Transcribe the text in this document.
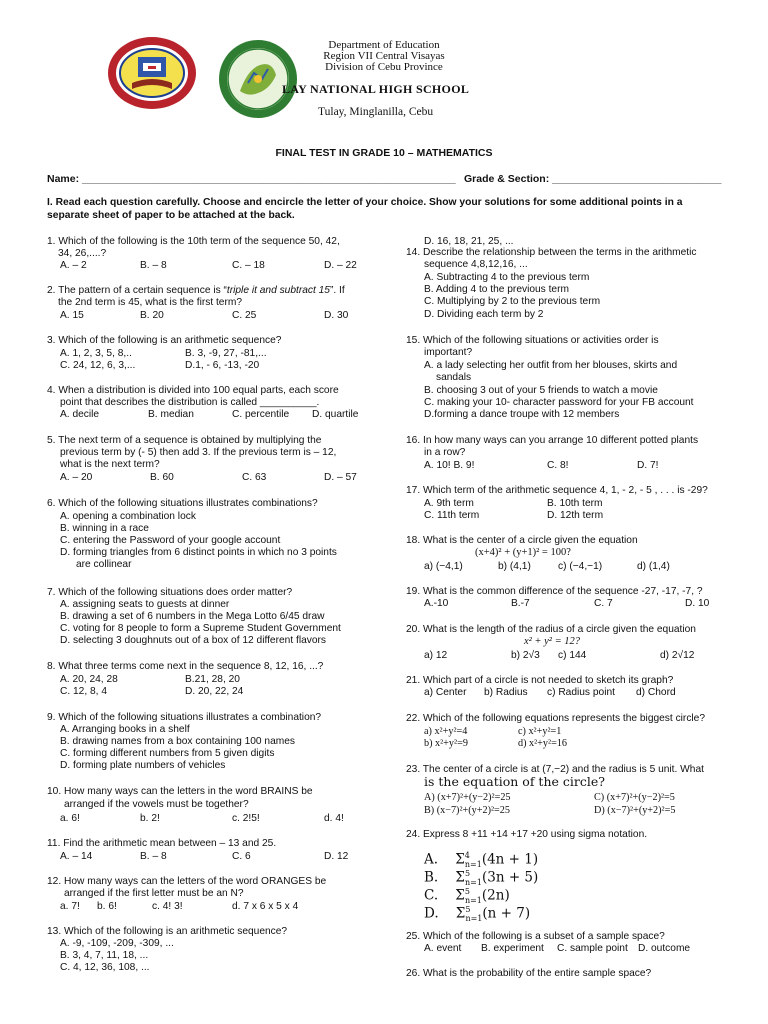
Department of Education
Region VII Central Visayas
Division of Cebu Province
LAY NATIONAL HIGH SCHOOL
Tulay, Minglanilla, Cebu
FINAL TEST IN GRADE 10 – MATHEMATICS
Name: ________________________________________________________________ Grade & Section: _____________________________
I. Read each question carefully. Choose and encircle the letter of your choice. Show your solutions for some additional points in a separate sheet of paper to be attached at the back.
1. Which of the following is the 10th term of the sequence 50, 42,
34, 26,....?
A. – 2	B. – 8	C. – 18	D. – 22
2. The pattern of a certain sequence is “triple it and subtract 15”. If
the 2nd term is 45, what is the first term?
A. 15	B. 20	C. 25	D. 30
3. Which of the following is an arithmetic sequence?
A. 1, 2, 3, 5, 8,..	B. 3, -9, 27, -81,...
C. 24, 12, 6, 3,...	D.1, - 6, -13, -20
4. When a distribution is divided into 100 equal parts, each score
point that describes the distribution is called __________.
A. decile	B. median	C. percentile D. quartile
5. The next term of a sequence is obtained by multiplying the
previous term by (- 5) then add 3. If the previous term is – 12,
what is the next term?
A. – 20	B. 60	C. 63	D. – 57
6. Which of the following situations illustrates combinations?
A. opening a combination lock
B. winning in a race
C. entering the Password of your google account
D. forming triangles from 6 distinct points in which no 3 points
are collinear
7. Which of the following situations does order matter?
A. assigning seats to guests at dinner
B. drawing a set of 6 numbers in the Mega Lotto 6/45 draw
C. voting for 8 people to form a Supreme Student Government
D. selecting 3 doughnuts out of a box of 12 different flavors
8. What three terms come next in the sequence 8, 12, 16, ...?
A. 20, 24, 28	B.21, 28, 20
C. 12, 8, 4	D. 20, 22, 24
9. Which of the following situations illustrates a combination?
A. Arranging books in a shelf
B. drawing names from a box containing 100 names
C. forming different numbers from 5 given digits
D. forming plate numbers of vehicles
10. How many ways can the letters in the word BRAINS be
arranged if the vowels must be together?
a. 6!	b. 2!	c. 2!5!	d. 4!
11. Find the arithmetic mean between – 13 and 25.
A. – 14	B. – 8	C. 6	D. 12
12. How many ways can the letters of the word ORANGES be
arranged if the first letter must be an N?
a. 7! b. 6!	c. 4! 3!	d. 7 x 6 x 5 x 4
13. Which of the following is an arithmetic sequence?
A. -9, -109, -209, -309, ...
B. 3, 4, 7, 11, 18, ...
C. 4, 12, 36, 108, ...
D. 16, 18, 21, 25, ...
14. Describe the relationship between the terms in the arithmetic
sequence 4,8,12,16, ...
A. Subtracting 4 to the previous term
B. Adding 4 to the previous term
C. Multiplying by 2 to the previous term
D. Dividing each term by 2
15. Which of the following situations or activities order is
important?
A. a lady selecting her outfit from her blouses, skirts and
sandals
B. choosing 3 out of your 5 friends to watch a movie
C. making your 10- character password for your FB account
D.forming a dance troupe with 12 members
16. In how many ways can you arrange 10 different potted plants
in a row?
A. 10! B. 9!	C. 8!	D. 7!
17. Which term of the arithmetic sequence 4, 1, - 2, - 5 , . . . is -29?
A. 9th term	B. 10th term
C. 11th term	D. 12th term
18. What is the center of a circle given the equation
(x+4)² + (y+1)² = 100?
a) (−4,1)	b) (4,1)	c) (−4,−1)	d) (1,4)
19. What is the common difference of the sequence -27, -17, -7, ?
A.-10	B.-7	C. 7	D. 10
20. What is the length of the radius of a circle given the equation
x² + y² = 12?
a) 12	b) 2√3 c) 144	d) 2√12
21. Which part of a circle is not needed to sketch its graph?
a) Center b) Radius c) Radius point d) Chord
22. Which of the following equations represents the biggest circle?
a) x²+y²=4	c) x²+y²=1
b) x²+y²=9	d) x²+y²=16
23. The center of a circle is at (7,−2) and the radius is 5 unit. What
is the equation of the circle?
A) (x+7)²+(y−2)²=25	C) (x+7)²+(y−2)²=5
B) (x−7)²+(y+2)²=25	D) (x−7)²+(y+2)²=5
24. Express 8 +11 +14 +17 +20 using sigma notation.
A.    $\Sigma^4_{n=1}(4n + 1)$
B.    $\Sigma^5_{n=1}(3n + 5)$
C.    $\Sigma^5_{n=1}(2n)$
D.    $\Sigma^5_{n=1}(n + 7)$
25. Which of the following is a subset of a sample space?
A. event B. experiment C. sample point D. outcome
26. What is the probability of the entire sample space?
